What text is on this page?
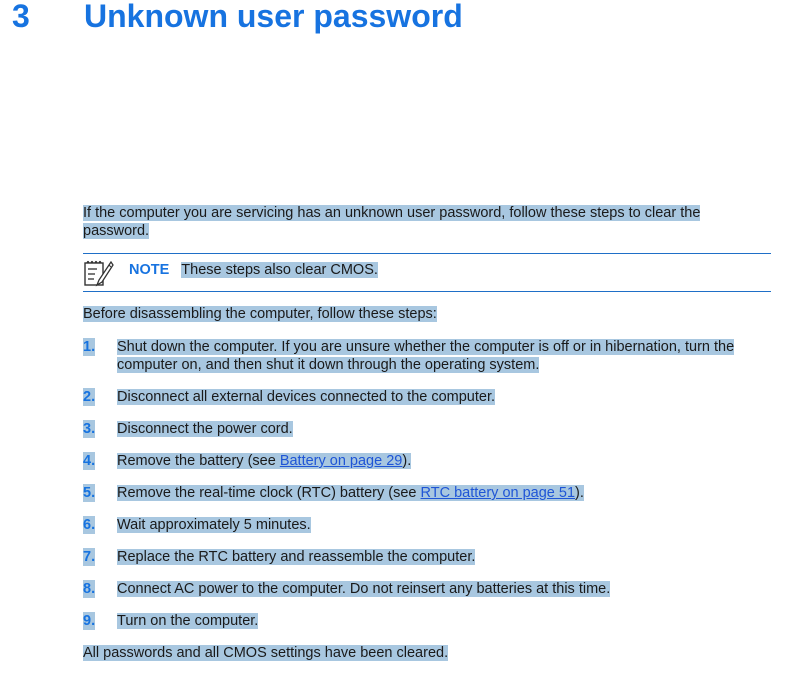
3 Unknown user password
If the computer you are servicing has an unknown user password, follow these steps to clear the
password.
NOTE These steps also clear CMOS.
Before disassembling the computer, follow these steps:
1. Shut down the computer. If you are unsure whether the computer is off or in hibernation, turn the
computer on, and then shut it down through the operating system.
2. Disconnect all external devices connected to the computer.
3. Disconnect the power cord.
4. Remove the battery (see Battery on page 29).
5. Remove the real-time clock (RTC) battery (see RTC battery on page 51).
6. Wait approximately 5 minutes.
7. Replace the RTC battery and reassemble the computer.
8. Connect AC power to the computer. Do not reinsert any batteries at this time.
9. Turn on the computer.
All passwords and all CMOS settings have been cleared.
